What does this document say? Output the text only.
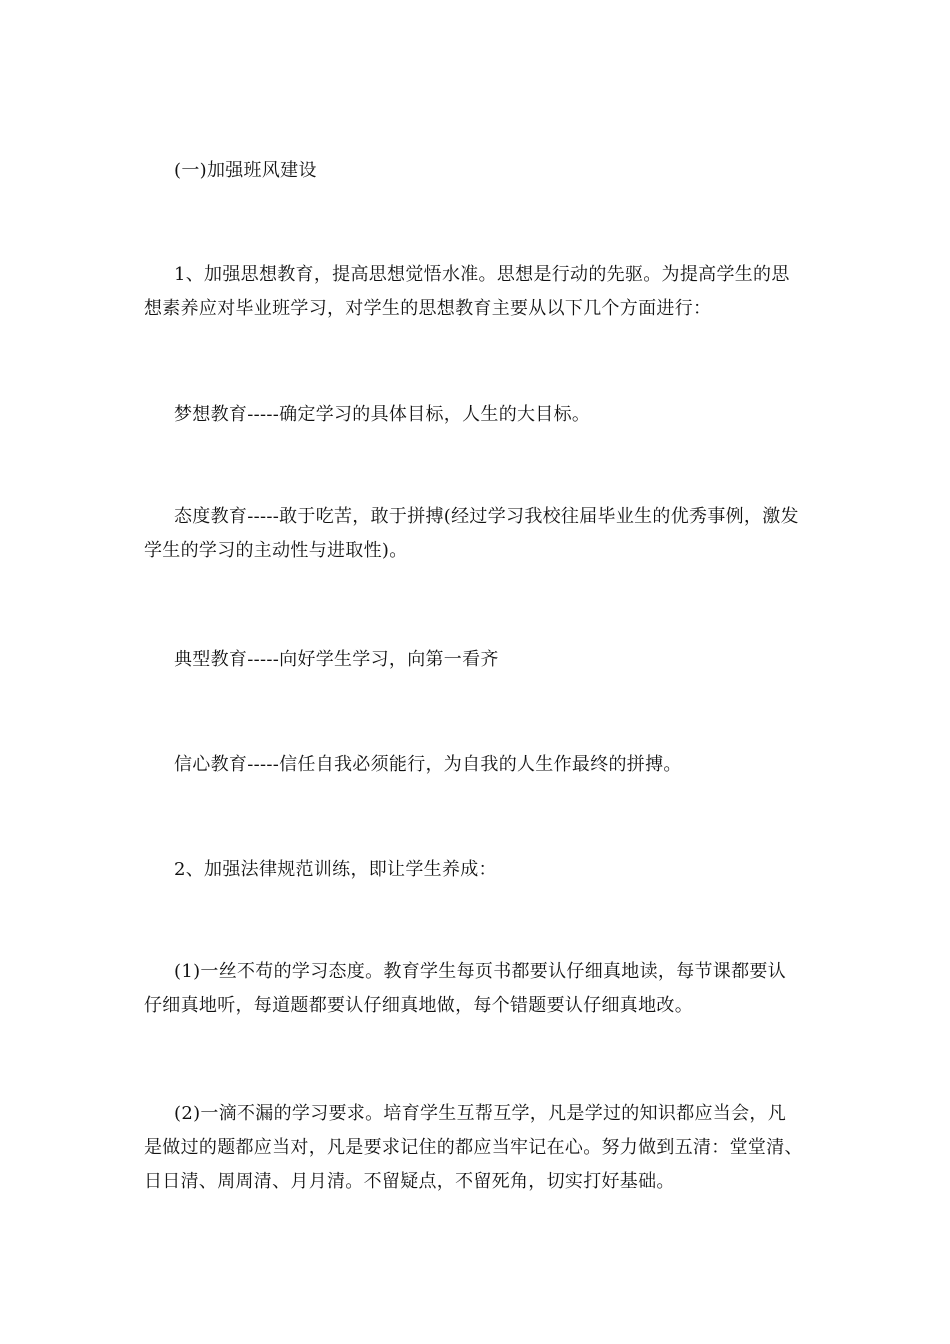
(一)加强班风建设

1、加强思想教育，提高思想觉悟水准。思想是行动的先驱。为提高学生的思想素养应对毕业班学习，对学生的思想教育主要从以下几个方面进行：

梦想教育-----确定学习的具体目标，人生的大目标。

态度教育-----敢于吃苦，敢于拼搏(经过学习我校往届毕业生的优秀事例，激发学生的学习的主动性与进取性)。

典型教育-----向好学生学习，向第一看齐

信心教育-----信任自我必须能行，为自我的人生作最终的拼搏。

2、加强法律规范训练，即让学生养成：

(1)一丝不苟的学习态度。教育学生每页书都要认仔细真地读，每节课都要认仔细真地听，每道题都要认仔细真地做，每个错题要认仔细真地改。

(2)一滴不漏的学习要求。培育学生互帮互学，凡是学过的知识都应当会，凡是做过的题都应当对，凡是要求记住的都应当牢记在心。努力做到五清：堂堂清、日日清、周周清、月月清。不留疑点，不留死角，切实打好基础。
